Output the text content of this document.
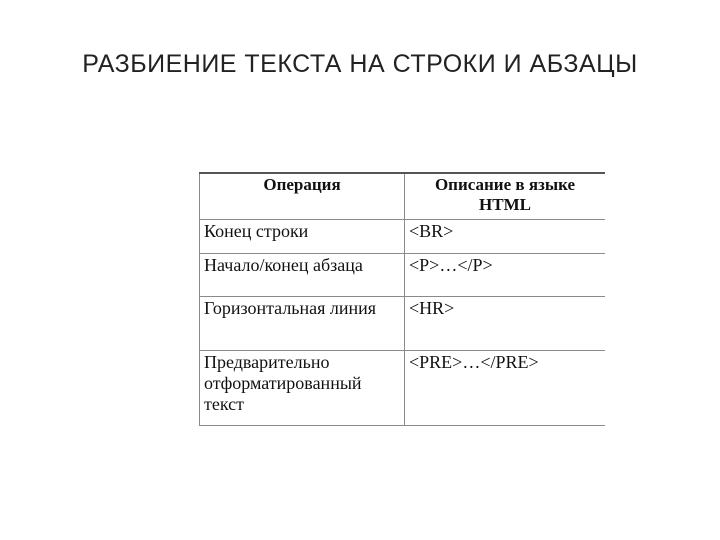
РАЗБИЕНИЕ ТЕКСТА НА СТРОКИ И АБЗАЦЫ
Операция	Описание в языке HTML
Конец строки	<BR>
Начало/конец абзаца	<P>…</P>
Горизонтальная линия	<HR>
Предварительно отформатированный текст	<PRE>…</PRE>
